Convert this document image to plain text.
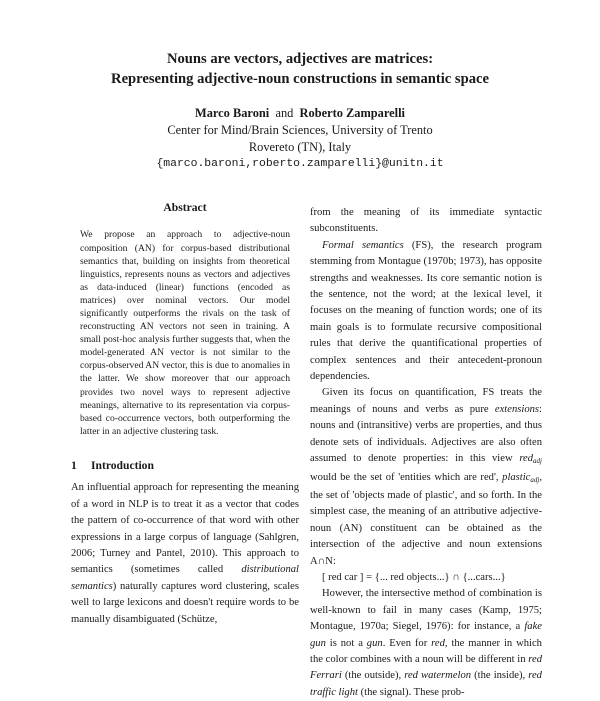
Nouns are vectors, adjectives are matrices:
Representing adjective-noun constructions in semantic space
Marco Baroni and Roberto Zamparelli
Center for Mind/Brain Sciences, University of Trento
Rovereto (TN), Italy
{marco.baroni,roberto.zamparelli}@unitn.it
Abstract
We propose an approach to adjective-noun composition (AN) for corpus-based distributional semantics that, building on insights from theoretical linguistics, represents nouns as vectors and adjectives as data-induced (linear) functions (encoded as matrices) over nominal vectors. Our model significantly outperforms the rivals on the task of reconstructing AN vectors not seen in training. A small post-hoc analysis further suggests that, when the model-generated AN vector is not similar to the corpus-observed AN vector, this is due to anomalies in the latter. We show moreover that our approach provides two novel ways to represent adjective meanings, alternative to its representation via corpus-based co-occurrence vectors, both outperforming the latter in an adjective clustering task.
1 Introduction
An influential approach for representing the meaning of a word in NLP is to treat it as a vector that codes the pattern of co-occurrence of that word with other expressions in a large corpus of language (Sahlgren, 2006; Turney and Pantel, 2010). This approach to semantics (sometimes called distributional semantics) naturally captures word clustering, scales well to large lexicons and doesn't require words to be manually disambiguated (Schütze,

from the meaning of its immediate syntactic subconstituents.

Formal semantics (FS), the research program stemming from Montague (1970b; 1973), has opposite strengths and weaknesses. Its core semantic notion is the sentence, not the word; at the lexical level, it focuses on the meaning of function words; one of its main goals is to formulate recursive compositional rules that derive the quantificational properties of complex sentences and their antecedent-pronoun dependencies.

Given its focus on quantification, FS treats the meanings of nouns and verbs as pure extensions: nouns and (intransitive) verbs are properties, and thus denote sets of individuals. Adjectives are also often assumed to denote properties: in this view red$_{adj}$ would be the set of 'entities which are red', plastic$_{adj}$, the set of 'objects made of plastic', and so forth. In the simplest case, the meaning of an attributive adjective-noun (AN) constituent can be obtained as the intersection of the adjective and noun extensions A∩N:

[ red car ] = {... red objects...} ∩ {...cars...}

However, the intersective method of combination is well-known to fail in many cases (Kamp, 1975; Montague, 1970a; Siegel, 1976): for instance, a fake gun is not a gun. Even for red, the manner in which the color combines with a noun will be different in red Ferrari (the outside), red watermelon (the inside), red traffic light (the signal). These prob-
